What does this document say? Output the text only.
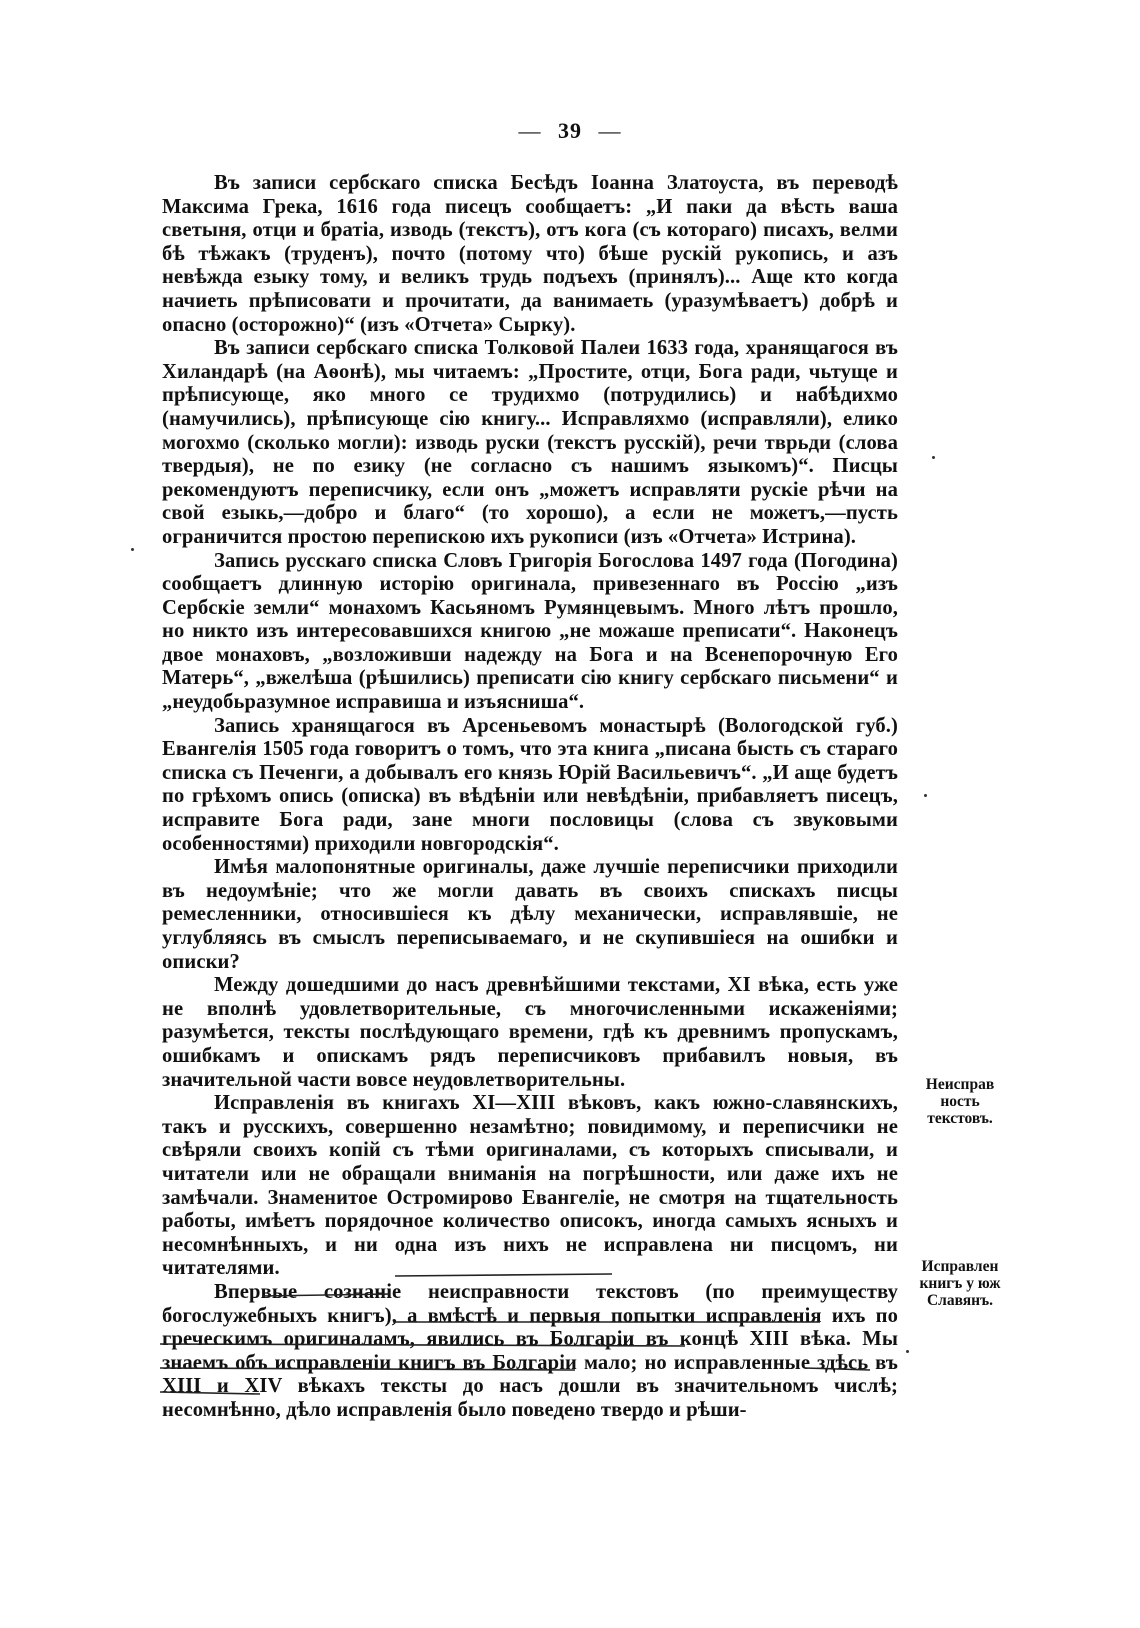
— 39 —

Въ записи сербскаго списка Бесѣдъ Іоанна Златоуста, въ переводѣ Максима Грека, 1616 года писецъ сообщаетъ: „И паки да вѣсть ваша светыня, отци и братіа, изводь (текстъ), отъ кога (съ котораго) писахъ, велми бѣ тѣжакъ (труденъ), почто (потому что) бѣше рускій рукопись, и азъ невѣжда езыку тому, и великъ трудь подъехъ (принялъ)... Аще кто когда начиеть прѣписовати и прочитати, да ванимаеть (уразумѣваетъ) добрѣ и опасно (осторожно)“ (изъ «Отчета» Сырку).

Въ записи сербскаго списка Толковой Палеи 1633 года, хранящагося въ Хиландарѣ (на Аѳонѣ), мы читаемъ: „Простите, отци, Бога ради, чьтуще и прѣписующе, яко много се трудихмо (потрудились) и набѣдихмо (намучились), прѣписующе сію книгу... Исправляхмо (исправляли), елико могохмо (сколько могли): изводь руски (текстъ русскій), речи тврьди (слова твердыя), не по езику (не согласно съ нашимъ языкомъ)“. Писцы рекомендуютъ переписчику, если онъ „можетъ исправляти рускіе рѣчи на свой езыкь,—добро и благо“ (то хорошо), а если не можетъ,—пусть ограничится простою перепискою ихъ рукописи (изъ «Отчета» Истрина).

Запись русскаго списка Словъ Григорія Богослова 1497 года (Погодина) сообщаетъ длинную исторію оригинала, привезеннаго въ Россію „изъ Сербскіе земли“ монахомъ Касьяномъ Румянцевымъ. Много лѣтъ прошло, но никто изъ интересовавшихся книгою „не можаше преписати“. Наконецъ двое монаховъ, „возложивши надежду на Бога и на Всенепорочную Его Матерь“, „вжелѣша (рѣшились) преписати сію книгу сербскаго письмени“ и „неудобьразумное исправиша и изъясниша“.

Запись хранящагося въ Арсеньевомъ монастырѣ (Вологодской губ.) Евангелія 1505 года говоритъ о томъ, что эта книга „писана бысть съ стараго списка съ Печенги, а добывалъ его князь Юрій Васильевичъ“. „И аще будетъ по грѣхомъ опись (описка) въ вѣдѣніи или невѣдѣніи, прибавляетъ писецъ, исправите Бога ради, зане многи пословицы (слова съ звуковыми особенностями) приходили новгородскія“.

Имѣя малопонятные оригиналы, даже лучшіе переписчики приходили въ недоумѣніе; что же могли давать въ своихъ спискахъ писцы ремесленники, относившіеся къ дѣлу механически, исправлявшіе, не углубляясь въ смыслъ переписываемаго, и не скупившіеся на ошибки и описки?

Между дошедшими до насъ древнѣйшими текстами, XI вѣка, есть уже не вполнѣ удовлетворительные, съ многочисленными искаженіями; разумѣется, тексты послѣдующаго времени, гдѣ къ древнимъ пропускамъ, ошибкамъ и опискамъ рядъ переписчиковъ прибавилъ новыя, въ значительной части вовсе неудовлетворительны.

Исправленія въ книгахъ XI—XIII вѣковъ, какъ южно-славянскихъ, такъ и русскихъ, совершенно незамѣтно; повидимому, и переписчики не свѣряли своихъ копій съ тѣми оригиналами, съ которыхъ списывали, и читатели или не обращали вниманія на погрѣшности, или даже ихъ не замѣчали. Знаменитое Остромирово Евангеліе, не смотря на тщательность работы, имѣетъ порядочное количество описокъ, иногда самыхъ ясныхъ и несомнѣнныхъ, и ни одна изъ нихъ не исправлена ни писцомъ, ни читателями.

Впервые сознаніе неисправности текстовъ (по преимуществу богослужебныхъ книгъ), а вмѣстѣ и первыя попытки исправленія ихъ по греческимъ оригиналамъ, явились въ Болгаріи въ концѣ XIII вѣка. Мы знаемъ объ исправленіи книгъ въ Болгаріи мало; но исправленные здѣсь въ XIII и XIV вѣкахъ тексты до насъ дошли въ значительномъ числѣ; несомнѣнно, дѣло исправленія было поведено твердо и рѣши-

Неисправ
ность
текстовъ.
Исправлен
книгъ у юж
Славянъ.
